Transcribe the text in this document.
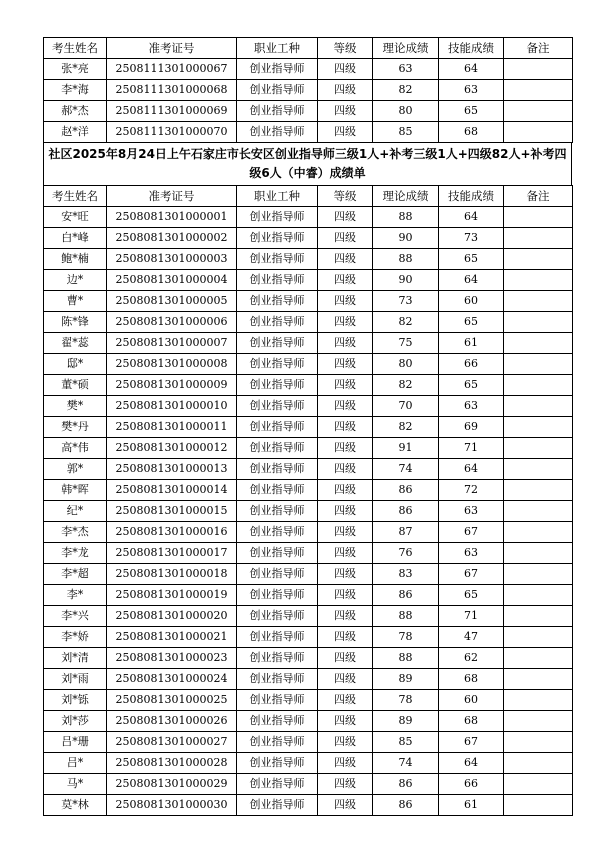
考生姓名	准考证号	职业工种	等级	理论成绩	技能成绩	备注
张*亮	2508111301000067	创业指导师	四级	63	64	
李*海	2508111301000068	创业指导师	四级	82	63	
郝*杰	2508111301000069	创业指导师	四级	80	65	
赵*洋	2508111301000070	创业指导师	四级	85	68	
社区2025年8月24日上午石家庄市长安区创业指导师三级1人+补考三级1人+四级82人+补考四级6人（中睿）成绩单
考生姓名	准考证号	职业工种	等级	理论成绩	技能成绩	备注
安*旺	2508081301000001	创业指导师	四级	88	64	
白*峰	2508081301000002	创业指导师	四级	90	73	
鲍*楠	2508081301000003	创业指导师	四级	88	65	
边*	2508081301000004	创业指导师	四级	90	64	
曹*	2508081301000005	创业指导师	四级	73	60	
陈*锋	2508081301000006	创业指导师	四级	82	65	
翟*蕊	2508081301000007	创业指导师	四级	75	61	
邸*	2508081301000008	创业指导师	四级	80	66	
董*硕	2508081301000009	创业指导师	四级	82	65	
樊*	2508081301000010	创业指导师	四级	70	63	
樊*丹	2508081301000011	创业指导师	四级	82	69	
高*伟	2508081301000012	创业指导师	四级	91	71	
郭*	2508081301000013	创业指导师	四级	74	64	
韩*晖	2508081301000014	创业指导师	四级	86	72	
纪*	2508081301000015	创业指导师	四级	86	63	
李*杰	2508081301000016	创业指导师	四级	87	67	
李*龙	2508081301000017	创业指导师	四级	76	63	
李*超	2508081301000018	创业指导师	四级	83	67	
李*	2508081301000019	创业指导师	四级	86	65	
李*兴	2508081301000020	创业指导师	四级	88	71	
李*娇	2508081301000021	创业指导师	四级	78	47	
刘*清	2508081301000023	创业指导师	四级	88	62	
刘*雨	2508081301000024	创业指导师	四级	89	68	
刘*铄	2508081301000025	创业指导师	四级	78	60	
刘*莎	2508081301000026	创业指导师	四级	89	68	
吕*珊	2508081301000027	创业指导师	四级	85	67	
吕*	2508081301000028	创业指导师	四级	74	64	
马*	2508081301000029	创业指导师	四级	86	66	
莫*林	2508081301000030	创业指导师	四级	86	61	
